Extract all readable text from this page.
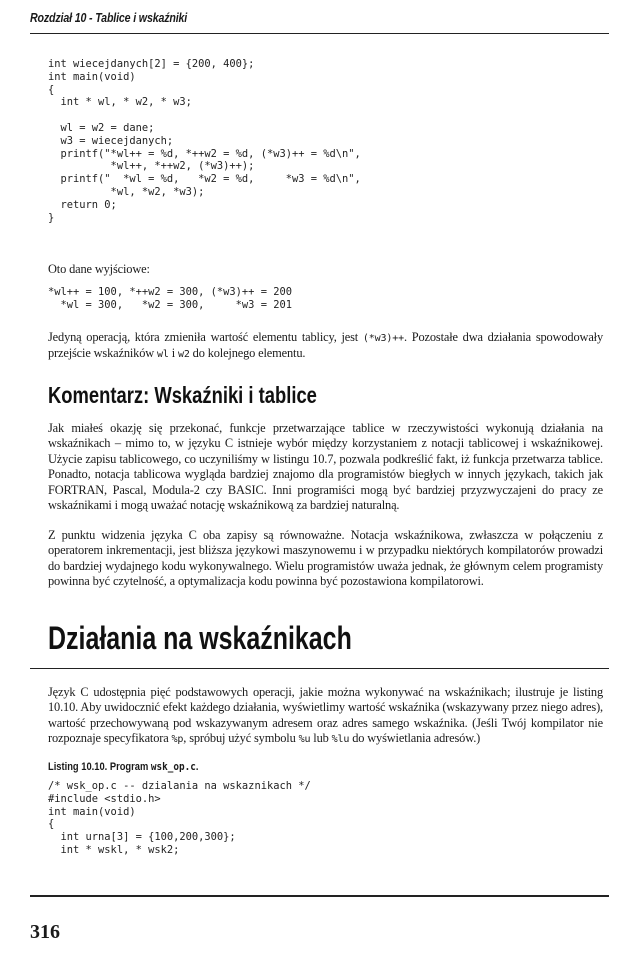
Rozdział 10 - Tablice i wskaźniki
int wiecejdanych[2] = {200, 400};
int main(void)
{
int * wl, * w2, * w3;

wl = w2 = dane;
w3 = wiecejdanych;
printf("*wl++ = %d, *++w2 = %d, (*w3)++ = %d\n",
*wl++, *++w2, (*w3)++);
printf("  *wl = %d,   *w2 = %d,     *w3 = %d\n",
*wl, *w2, *w3);
return 0;
}
Oto dane wyjściowe:
*wl++ = 100, *++w2 = 300, (*w3)++ = 200
*wl = 300,   *w2 = 300,     *w3 = 201

Jedyną operacją, która zmieniła wartość elementu tablicy, jest (*w3)++. Pozostałe dwa działania spowodowały przejście wskaźników wl i w2 do kolejnego elementu.

Komentarz: Wskaźniki i tablice

Jak miałeś okazję się przekonać, funkcje przetwarzające tablice w rzeczywistości wykonują działania na wskaźnikach – mimo to, w języku C istnieje wybór między korzystaniem z notacji tablicowej i wskaźnikowej. Użycie zapisu tablicowego, co uczyniliśmy w listingu 10.7, pozwala podkreślić fakt, iż funkcja przetwarza tablice. Ponadto, notacja tablicowa wygląda bardziej znajomo dla programistów biegłych w innych językach, takich jak FORTRAN, Pascal, Modula-2 czy BASIC. Inni programiści mogą być bardziej przyzwyczajeni do pracy ze wskaźnikami i mogą uważać notację wskaźnikową za bardziej naturalną.

Z punktu widzenia języka C oba zapisy są równoważne. Notacja wskaźnikowa, zwłaszcza w połączeniu z operatorem inkrementacji, jest bliższa językowi maszynowemu i w przypadku niektórych kompilatorów prowadzi do bardziej wydajnego kodu wykonywalnego. Wielu programistów uważa jednak, że głównym celem programisty powinna być czytelność, a optymalizacja kodu powinna być pozostawiona kompilatorowi.

Działania na wskaźnikach

Język C udostępnia pięć podstawowych operacji, jakie można wykonywać na wskaźnikach; ilustruje je listing 10.10. Aby uwidocznić efekt każdego działania, wyświetlimy wartość wskaźnika (wskazywany przez niego adres), wartość przechowywaną pod wskazywanym adresem oraz adres samego wskaźnika. (Jeśli Twój kompilator nie rozpoznaje specyfikatora %p, spróbuj użyć symbolu %u lub %lu do wyświetlania adresów.)

Listing 10.10. Program wsk_op.c.
/* wsk_op.c -- dzialania na wskaznikach */
#include <stdio.h>
int main(void)
{
int urna[3] = {100,200,300};
int * wskl, * wsk2;
316
